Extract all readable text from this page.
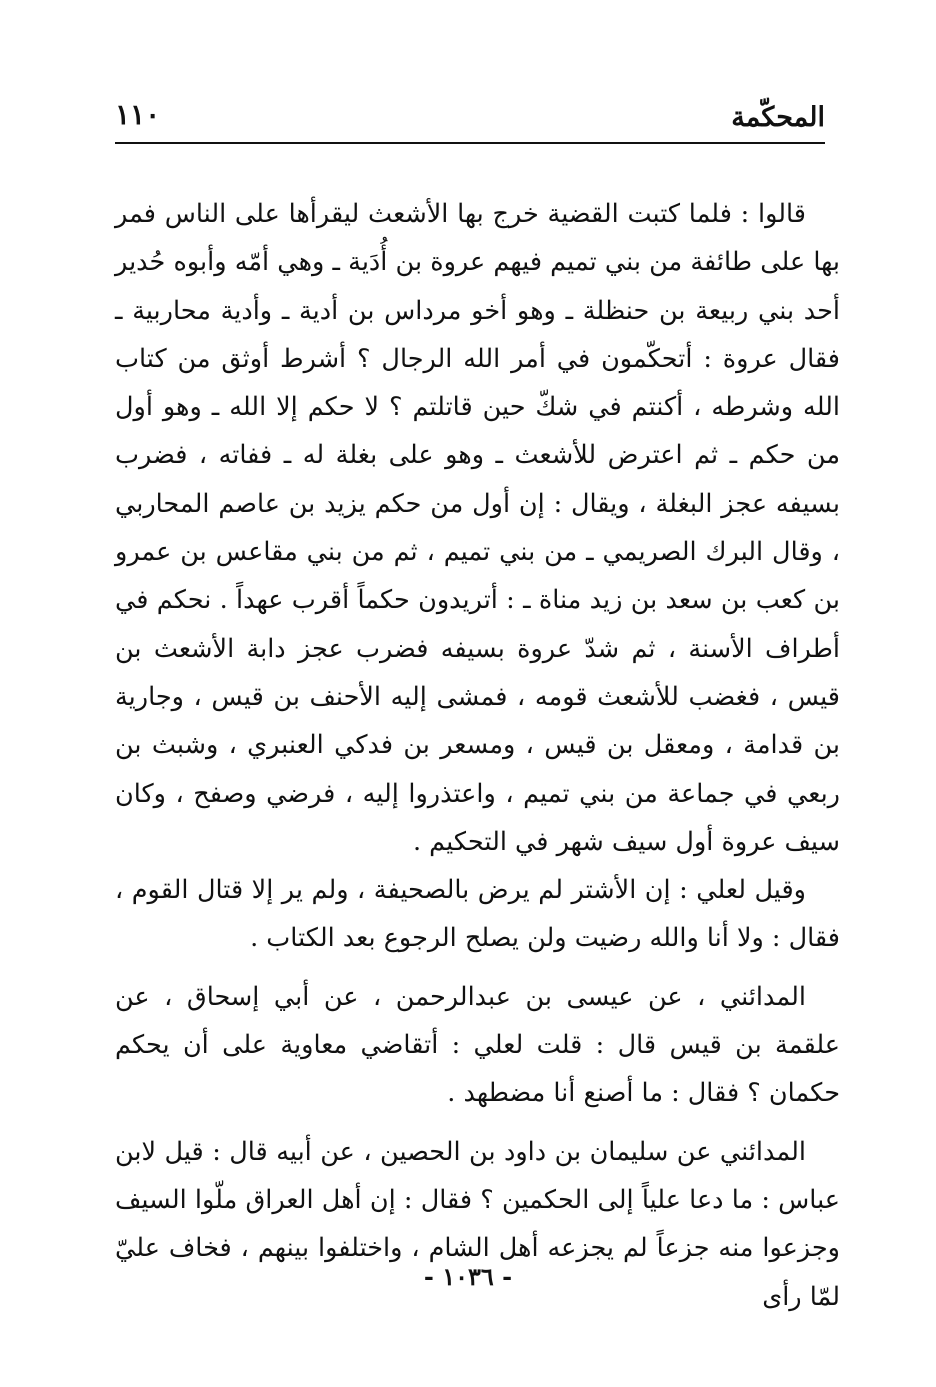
المحكّمة
١١٠

قالوا : فلما كتبت القضية خرج بها الأشعث ليقرأها على الناس فمر بها على طائفة من بني تميم فيهم عروة بن أُدَية ـ وهي أمّه وأبوه حُدير أحد بني ربيعة بن حنظلة ـ وهو أخو مرداس بن أدية ـ وأدية محاربية ـ فقال عروة : أتحكّمون في أمر الله الرجال ؟ أشرط أوثق من كتاب الله وشرطه ، أكنتم في شكّ حين قاتلتم ؟ لا حكم إلا الله ـ وهو أول من حكم ـ ثم اعترض للأشعث ـ وهو على بغلة له ـ ففاته ، فضرب بسيفه عجز البغلة ، ويقال : إن أول من حكم يزيد بن عاصم المحاربي ، وقال البرك الصريمي ـ من بني تميم ، ثم من بني مقاعس بن عمرو بن كعب بن سعد بن زيد مناة ـ : أتريدون حكماً أقرب عهداً . نحكم في أطراف الأسنة ، ثم شدّ عروة بسيفه فضرب عجز دابة الأشعث بن قيس ، فغضب للأشعث قومه ، فمشى إليه الأحنف بن قيس ، وجارية بن قدامة ، ومعقل بن قيس ، ومسعر بن فدكي العنبري ، وشبث بن ربعي في جماعة من بني تميم ، واعتذروا إليه ، فرضي وصفح ، وكان سيف عروة أول سيف شهر في التحكيم .

وقيل لعلي : إن الأشتر لم يرض بالصحيفة ، ولم ير إلا قتال القوم ، فقال : ولا أنا والله رضيت ولن يصلح الرجوع بعد الكتاب .

المدائني ، عن عيسى بن عبدالرحمن ، عن أبي إسحاق ، عن علقمة بن قيس قال : قلت لعلي : أتقاضي معاوية على أن يحكم حكمان ؟ فقال : ما أصنع أنا مضطهد .

المدائني عن سليمان بن داود بن الحصين ، عن أبيه قال : قيل لابن عباس : ما دعا علياً إلى الحكمين ؟ فقال : إن أهل العراق ملّوا السيف وجزعوا منه جزعاً لم يجزعه أهل الشام ، واختلفوا بينهم ، فخاف عليّ لمّا رأى

- ١٠٣٦ -
